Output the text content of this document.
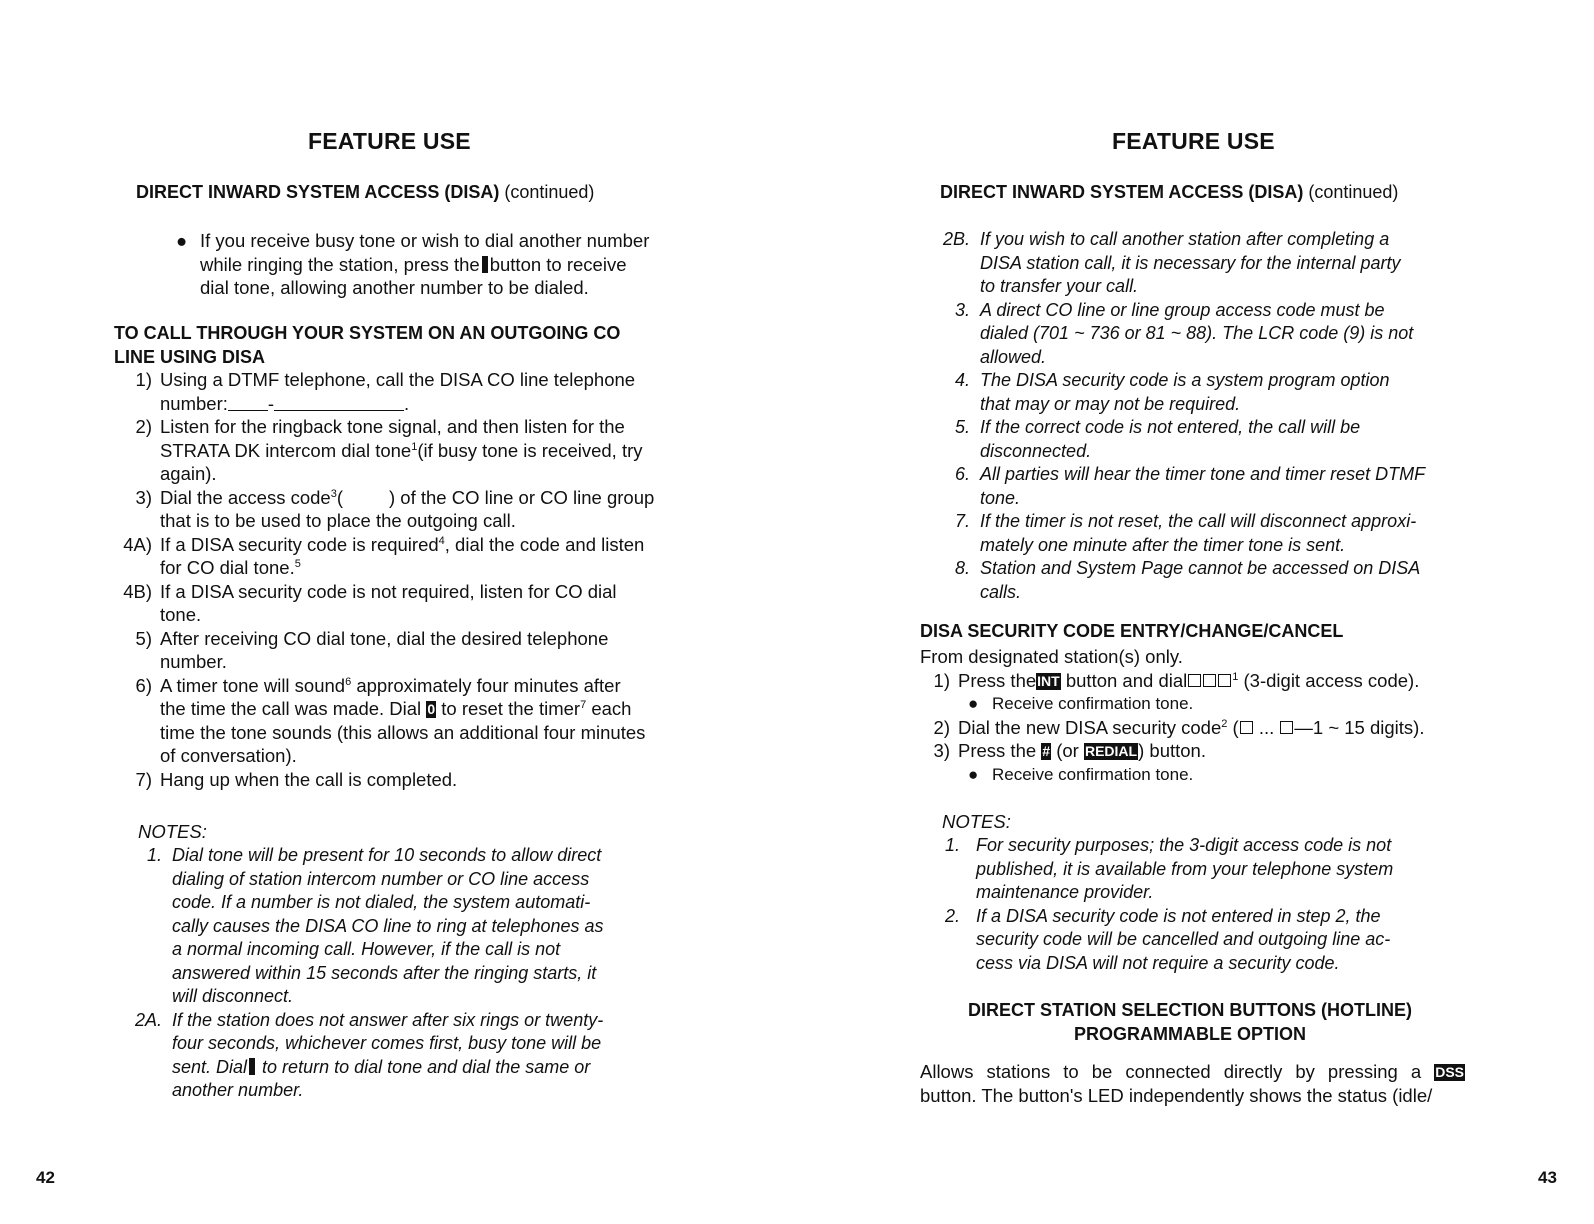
FEATURE USE
DIRECT INWARD SYSTEM ACCESS (DISA) (continued)
● If you receive busy tone or wish to dial another number
while ringing the station, press the button to receive
dial tone, allowing another number to be dialed.
TO CALL THROUGH YOUR SYSTEM ON AN OUTGOING CO
LINE USING DISA
1) Using a DTMF telephone, call the DISA CO line telephone
number: -	.
2) Listen for the ringback tone signal, and then listen for the
STRATA DK intercom dial tone$^1$(if busy tone is received, try
again).
3) Dial the access code$^3$( ) of the CO line or CO line group
that is to be used to place the outgoing call.
4A) If a DISA security code is required$^4$, dial the code and listen
for CO dial tone.$^5$
4B) If a DISA security code is not required, listen for CO dial
tone.
5) After receiving CO dial tone, dial the desired telephone
number.
6) A timer tone will sound$^6$ approximately four minutes after
the time the call was made. Dial 0 to reset the timer$^7$ each
time the tone sounds (this allows an additional four minutes
of conversation).
7) Hang up when the call is completed.
NOTES:
1. Dial tone will be present for 10 seconds to allow direct
dialing of station intercom number or CO line access
code. If a number is not dialed, the system automati-
cally causes the DISA CO line to ring at telephones as
a normal incoming call. However, if the call is not
answered within 15 seconds after the ringing starts, it
will disconnect.
2A. If the station does not answer after six rings or twenty-
four seconds, whichever comes first, busy tone will be
sent. Dial to return to dial tone and dial the same or
another number.
42
FEATURE USE
DIRECT INWARD SYSTEM ACCESS (DISA) (continued)
2B. If you wish to call another station after completing a
DISA station call, it is necessary for the internal party
to transfer your call.
3. A direct CO line or line group access code must be
dialed (701 ~ 736 or 81 ~ 88). The LCR code (9) is not
allowed.
4. The DISA security code is a system program option
that may or may not be required.
5. If the correct code is not entered, the call will be
disconnected.
6. All parties will hear the timer tone and timer reset DTMF
tone.
7. If the timer is not reset, the call will disconnect approxi-
mately one minute after the timer tone is sent.
8. Station and System Page cannot be accessed on DISA
calls.
DISA SECURITY CODE ENTRY/CHANGE/CANCEL
From designated station(s) only.
1) Press theINT button and dial	$^1$ (3-digit access code).
● Receive confirmation tone.
2) Dial the new DISA security code$^2$ ( ... —1 ~ 15 digits).
3) Press the # (or REDIAL) button.
● Receive confirmation tone.
NOTES:
1. For security purposes; the 3-digit access code is not
published, it is available from your telephone system
maintenance provider.
2. If a DISA security code is not entered in step 2, the
security code will be cancelled and outgoing line ac-
cess via DISA will not require a security code.
DIRECT STATION SELECTION BUTTONS (HOTLINE)
PROGRAMMABLE OPTION
Allows stations to be connected directly by pressing a DSS
button. The button's LED independently shows the status (idle/
43
